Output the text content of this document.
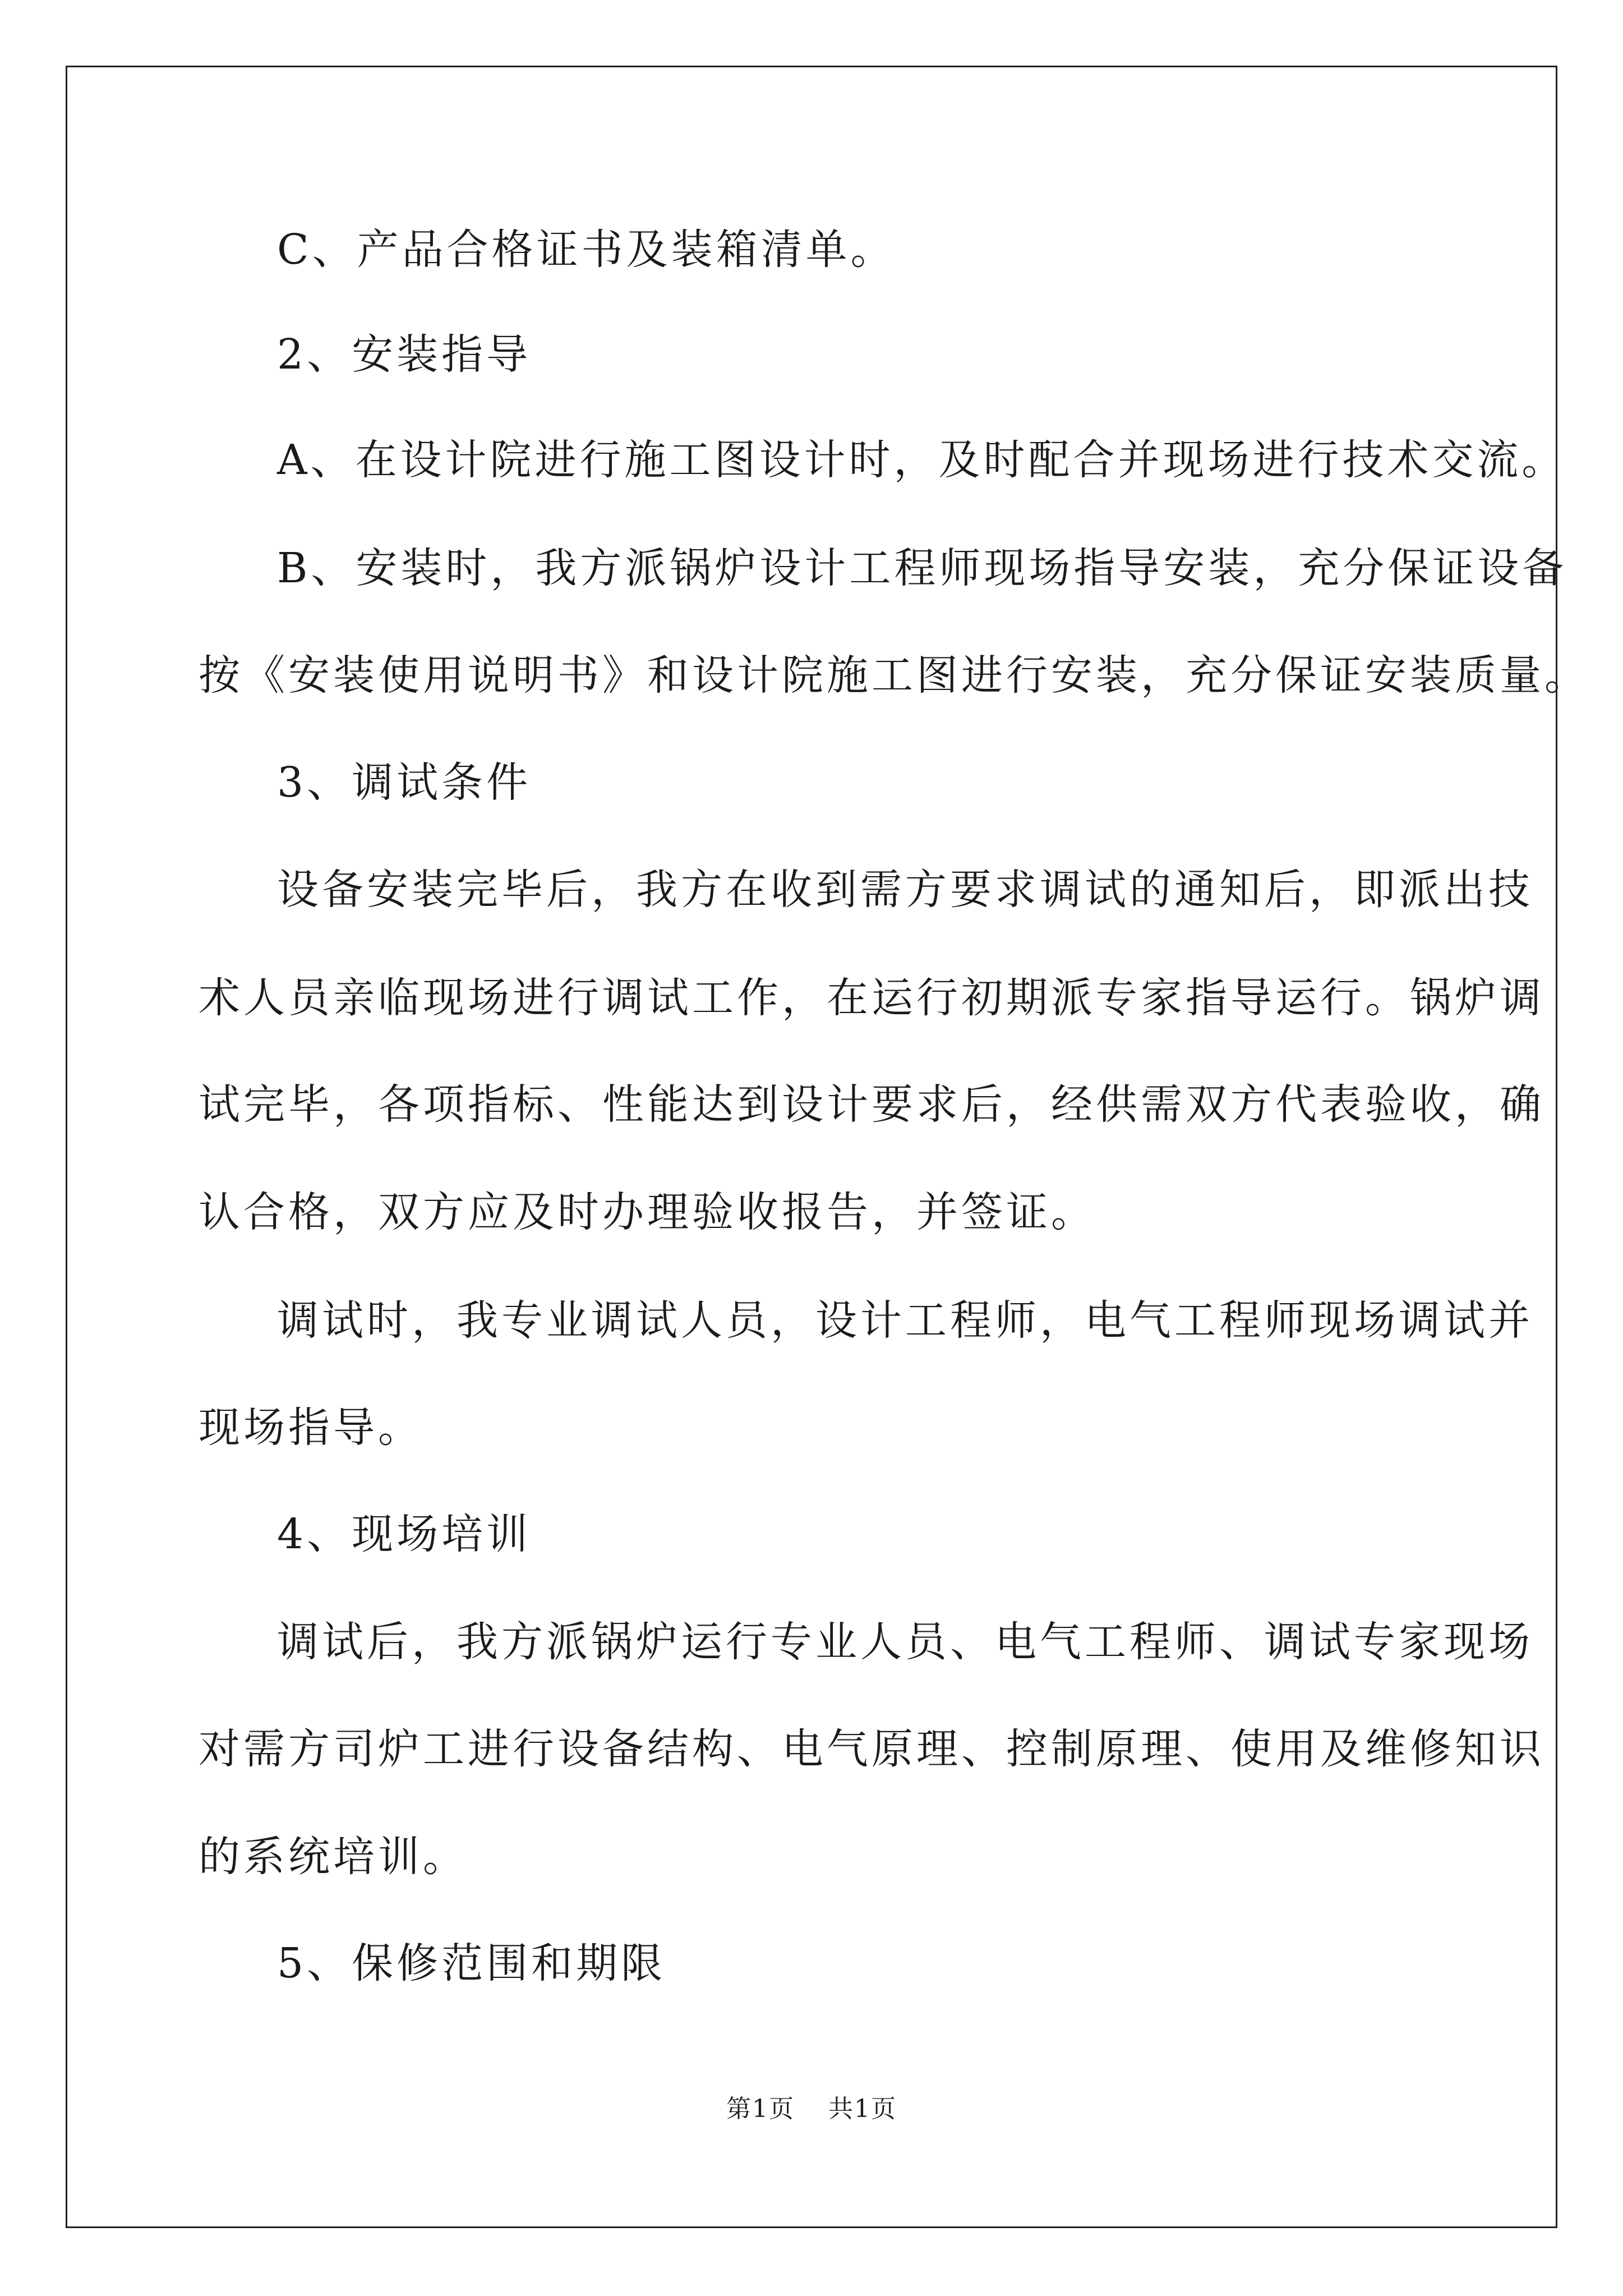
C、产品合格证书及装箱清单。
2、安装指导
A、在设计院进行施工图设计时，及时配合并现场进行技术交流。
B、安装时，我方派锅炉设计工程师现场指导安装，充分保证设备
按《安装使用说明书》和设计院施工图进行安装，充分保证安装质量。
3、调试条件
设备安装完毕后，我方在收到需方要求调试的通知后，即派出技
术人员亲临现场进行调试工作，在运行初期派专家指导运行。锅炉调
试完毕，各项指标、性能达到设计要求后，经供需双方代表验收，确
认合格，双方应及时办理验收报告，并签证。
调试时，我专业调试人员，设计工程师，电气工程师现场调试并
现场指导。
4、现场培训
调试后，我方派锅炉运行专业人员、电气工程师、调试专家现场
对需方司炉工进行设备结构、电气原理、控制原理、使用及维修知识
的系统培训。
5、保修范围和期限
第1页 共1页
